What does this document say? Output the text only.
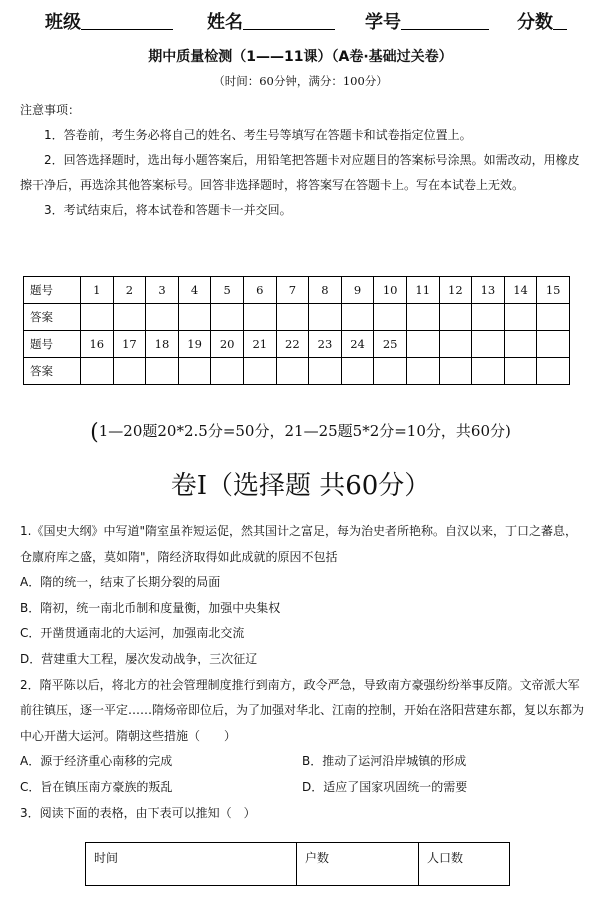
班级	姓名	学号	分数
期中质量检测（1——11课）（A卷·基础过关卷）
（时间：60分钟，满分：100分）

注意事项：

1．答卷前，考生务必将自己的姓名、考生号等填写在答题卡和试卷指定位置上。

2．回答选择题时，选出每小题答案后，用铅笔把答题卡对应题目的答案标号涂黑。如需改动，用橡皮擦干净后，再选涂其他答案标号。回答非选择题时，将答案写在答题卡上。写在本试卷上无效。

3．考试结束后，将本试卷和答题卡一并交回。

题号	1	2	3	4	5	6	7	8	9	10	11	12	13	14	15
答案															
题号	16	17	18	19	20	21	22	23	24	25					
答案															
(1—20题20*2.5分=50分，21—25题5*2分=10分，共60分)
卷Ⅰ（选择题 共60分）

1.《国史大纲》中写道"隋室虽祚短运促，然其国计之富足，每为治史者所艳称。自汉以来，丁口之蕃息，仓廪府库之盛，莫如隋"，隋经济取得如此成就的原因不包括

A．隋的统一，结束了长期分裂的局面

B．隋初，统一南北币制和度量衡，加强中央集权

C．开凿贯通南北的大运河，加强南北交流

D．营建重大工程，屡次发动战争，三次征辽

2．隋平陈以后，将北方的社会管理制度推行到南方，政令严急，导致南方豪强纷纷举事反隋。文帝派大军前往镇压，逐一平定……隋炀帝即位后，为了加强对华北、江南的控制，开始在洛阳营建东都，复以东都为中心开凿大运河。隋朝这些措施（　　）

A．源于经济重心南移的完成	B．推动了运河沿岸城镇的形成
C．旨在镇压南方豪族的叛乱	D．适应了国家巩固统一的需要

3．阅读下面的表格，由下表可以推知（　）

时间	户数	人口数
